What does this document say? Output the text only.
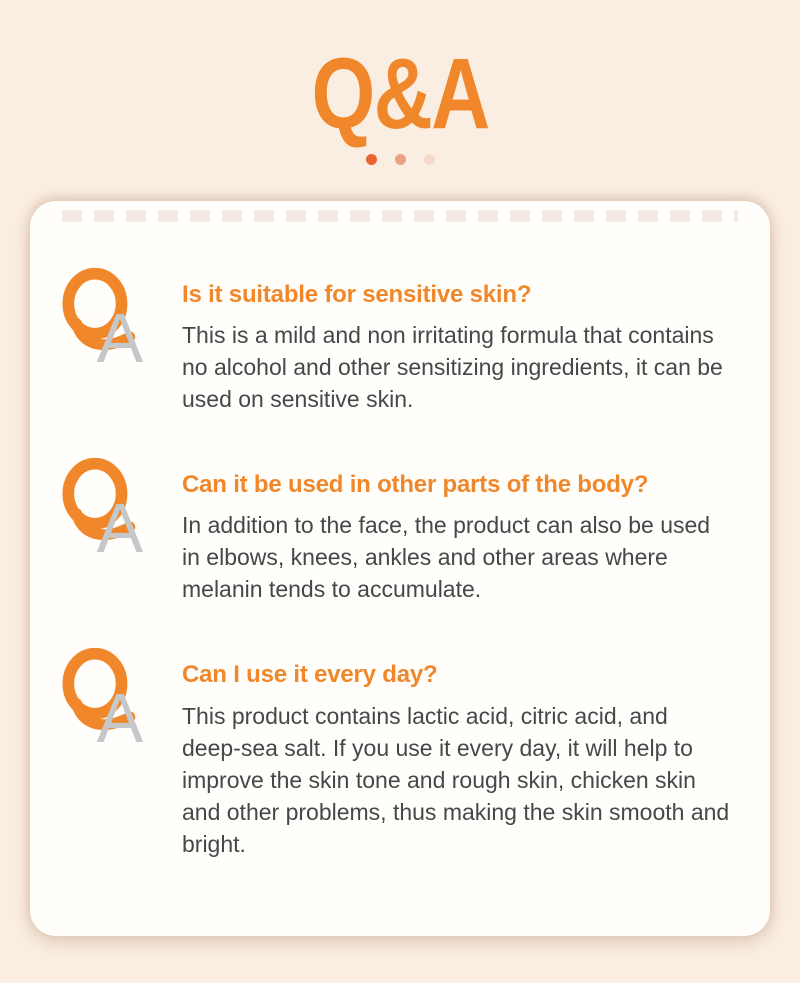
Q&A
A
Is it suitable for sensitive skin?
This is a mild and non irritating formula that contains no alcohol and other sensitizing ingredients, it can be used on sensitive skin.
A
Can it be used in other parts of the body?
In addition to the face, the product can also be used in elbows, knees, ankles and other areas where melanin tends to accumulate.
A
Can I use it every day?
This product contains lactic acid, citric acid, and deep-sea salt. If you use it every day, it will help to improve the skin tone and rough skin, chicken skin and other problems, thus making the skin smooth and bright.
